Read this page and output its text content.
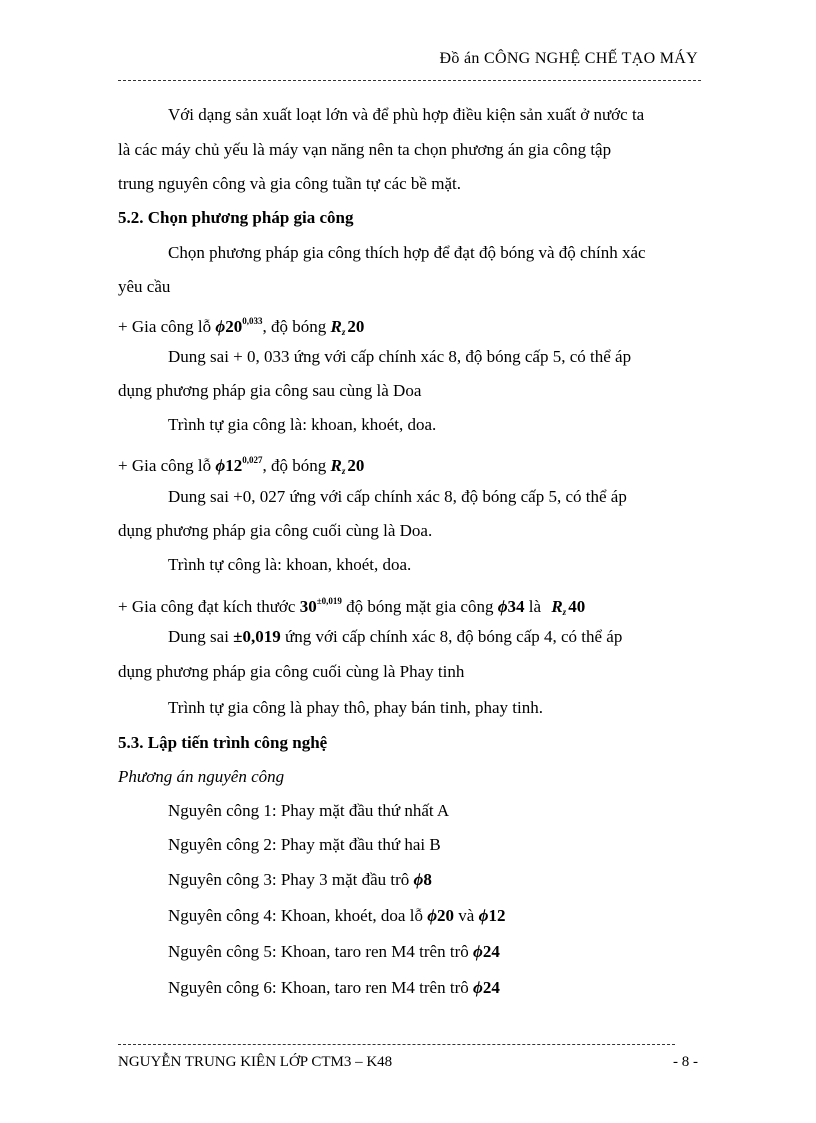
Đồ án CÔNG NGHỆ CHẾ TẠO MÁY
Với dạng sản xuất loạt lớn và để phù hợp điều kiện sản xuất ở nước ta
là các máy chủ yếu là máy vạn năng nên ta chọn phương án gia công tập
trung nguyên công và gia công tuần tự các bề mặt.
5.2. Chọn phương pháp gia công
Chọn phương pháp gia công thích hợp để đạt độ bóng và độ chính xác
yêu cầu
+ Gia công lỗ ϕ20$^{0,033}$, độ bóng $R_z$ 20
Dung sai + 0, 033 ứng với cấp chính xác 8, độ bóng cấp 5, có thể áp
dụng phương pháp gia công sau cùng là Doa
Trình tự gia công là: khoan, khoét, doa.
+ Gia công lỗ ϕ12$^{0,027}$, độ bóng $R_z$ 20
Dung sai +0, 027 ứng với cấp chính xác 8, độ bóng cấp 5, có thể áp
dụng phương pháp gia công cuối cùng là Doa.
Trình tự công là: khoan, khoét, doa.
+ Gia công đạt kích thước $30^{\pm 0,019}$ độ bóng mặt gia công ϕ34 là $R_z$ 40
Dung sai ±0,019 ứng với cấp chính xác 8, độ bóng cấp 4, có thể áp
dụng phương pháp gia công cuối cùng là Phay tinh
Trình tự gia công là phay thô, phay bán tinh, phay tinh.
5.3. Lập tiến trình công nghệ
Phương án nguyên công
Nguyên công 1: Phay mặt đầu thứ nhất A
Nguyên công 2: Phay mặt đầu thứ hai B
Nguyên công 3: Phay 3 mặt đầu trô ϕ8
Nguyên công 4: Khoan, khoét, doa lỗ ϕ20 và ϕ12
Nguyên công 5: Khoan, taro ren M4 trên trô ϕ24
Nguyên công 6: Khoan, taro ren M4 trên trô ϕ24
NGUYỄN TRUNG KIÊN LỚP CTM3 – K48	- 8 -
